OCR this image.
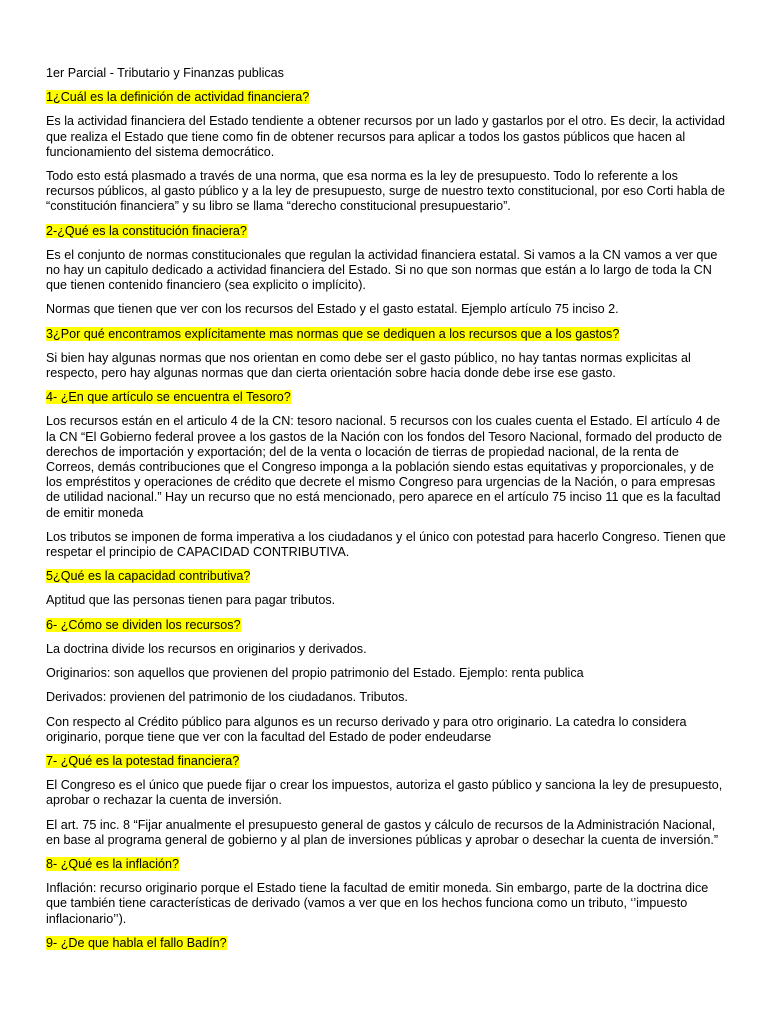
1er Parcial - Tributario y Finanzas publicas

1¿Cuál es la definición de actividad financiera?

Es la actividad financiera del Estado tendiente a obtener recursos por un lado y gastarlos por el otro. Es decir, la actividad que realiza el Estado que tiene como fin de obtener recursos para aplicar a todos los gastos públicos que hacen al funcionamiento del sistema democrático.

Todo esto está plasmado a través de una norma, que esa norma es la ley de presupuesto. Todo lo referente a los recursos públicos, al gasto público y a la ley de presupuesto, surge de nuestro texto constitucional, por eso Corti habla de “constitución financiera” y su libro se llama “derecho constitucional presupuestario”.

2-¿Qué es la constitución finaciera?

Es el conjunto de normas constitucionales que regulan la actividad financiera estatal. Si vamos a la CN vamos a ver que no hay un capitulo dedicado a actividad financiera del Estado. Si no que son normas que están a lo largo de toda la CN que tienen contenido financiero (sea explicito o implícito).

Normas que tienen que ver con los recursos del Estado y el gasto estatal. Ejemplo artículo 75 inciso 2.

3¿Por qué encontramos explícitamente mas normas que se dediquen a los recursos que a los gastos?

Si bien hay algunas normas que nos orientan en como debe ser el gasto público, no hay tantas normas explicitas al respecto, pero hay algunas normas que dan cierta orientación sobre hacia donde debe irse ese gasto.

4- ¿En que artículo se encuentra el Tesoro?

Los recursos están en el articulo 4 de la CN: tesoro nacional. 5 recursos con los cuales cuenta el Estado. El artículo 4 de la CN “El Gobierno federal provee a los gastos de la Nación con los fondos del Tesoro Nacional, formado del producto de derechos de importación y exportación; del de la venta o locación de tierras de propiedad nacional, de la renta de Correos, demás contribuciones que el Congreso imponga a la población siendo estas equitativas y proporcionales, y de los empréstitos y operaciones de crédito que decrete el mismo Congreso para urgencias de la Nación, o para empresas de utilidad nacional.” Hay un recurso que no está mencionado, pero aparece en el artículo 75 inciso 11 que es la facultad de emitir moneda

Los tributos se imponen de forma imperativa a los ciudadanos y el único con potestad para hacerlo Congreso. Tienen que respetar el principio de CAPACIDAD CONTRIBUTIVA.

5¿Qué es la capacidad contributiva?

Aptitud que las personas tienen para pagar tributos.

6- ¿Cómo se dividen los recursos?

La doctrina divide los recursos en originarios y derivados.

Originarios: son aquellos que provienen del propio patrimonio del Estado. Ejemplo: renta publica

Derivados: provienen del patrimonio de los ciudadanos. Tributos.

Con respecto al Crédito público para algunos es un recurso derivado y para otro originario. La catedra lo considera originario, porque tiene que ver con la facultad del Estado de poder endeudarse

7- ¿Qué es la potestad financiera?

El Congreso es el único que puede fijar o crear los impuestos, autoriza el gasto público y sanciona la ley de presupuesto, aprobar o rechazar la cuenta de inversión.

El art. 75 inc. 8 “Fijar anualmente el presupuesto general de gastos y cálculo de recursos de la Administración Nacional, en base al programa general de gobierno y al plan de inversiones públicas y aprobar o desechar la cuenta de inversión.”

8- ¿Qué es la inflación?

Inflación: recurso originario porque el Estado tiene la facultad de emitir moneda. Sin embargo, parte de la doctrina dice que también tiene características de derivado (vamos a ver que en los hechos funciona como un tributo, ‘’impuesto inflacionario’’).

9- ¿De que habla el fallo Badín?
